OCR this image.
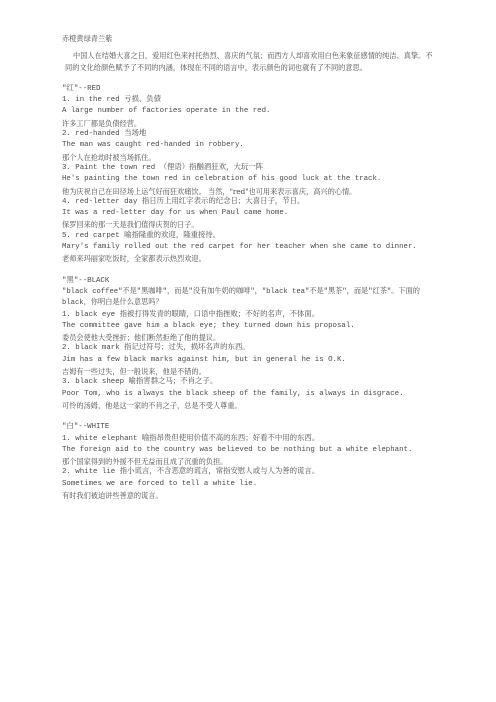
赤橙黄绿青兰紫
中国人在结婚大喜之日，爱用红色来衬托热烈、喜庆的气氛；而西方人却喜欢用白色来象征感情的纯洁、真挚。不同的文化给颜色赋予了不同的内涵，体现在不同的语言中，表示颜色的词也就有了不同的意思。
"红"--RED
1. in the red 亏损、负债
A large number of factories operate in the red.
许多工厂都是负债经营。
2. red-handed 当场地
The man was caught red-handed in robbery.
那个人在抢劫时被当场抓住。
3. Paint the town red （俚语）指酗酒狂欢，大玩一阵
He's painting the town red in celebration of his good luck at the track.
他为庆祝自己在田径场上运气好而狂欢痛饮。 当然，"red"也可用来表示喜庆，高兴的心情。
4. red-letter day 指日历上用红字表示的纪念日；大喜日子，节日。
It was a red-letter day for us when Paul came home.
保罗回来的那一天是我们值得庆贺的日子。
5. red carpet 喻指隆重的欢迎，隆重接待。
Mary's family rolled out the red carpet for her teacher when she came to dinner.
老师来玛丽家吃饭时，全家都表示热烈欢迎。
"黑"--BLACK
"black coffee"不是"黑咖啡"，而是"没有加牛奶的咖啡"，"black tea"不是"黑茶"，而是"红茶"。下面的 black，你明白是什么意思吗？
1. black eye 指被打得发青的眼睛，口语中指挫败；不好的名声，不体面。
The committee gave him a black eye; they turned down his proposal.
委员会使他大受挫折；他们断然拒绝了他的提议。
2. black mark 指记过符号；过失，损坏名声的东西。
Jim has a few black marks against him, but in general he is O.K.
吉姆有一些过失，但一般说来，他是不错的。
3. black sheep 喻指害群之马；不肖之子。
Poor Tom, who is always the black sheep of the family, is always in disgrace.
可怜的汤姆，他是这一家的不肖之子，总是不受人尊重。
"白"--WHITE
1. white elephant 喻指昂贵但使用价值不高的东西；好看不中用的东西。
The foreign aid to the country was believed to be nothing but a white elephant.
那个国家得到的外援不但无益而且成了沉重的负担。
2. white lie 指小谎言，不含恶意的谎言，常指安慰人或与人为善的谎言。
Sometimes we are forced to tell a white lie.
有时我们被迫讲些善意的谎言。
